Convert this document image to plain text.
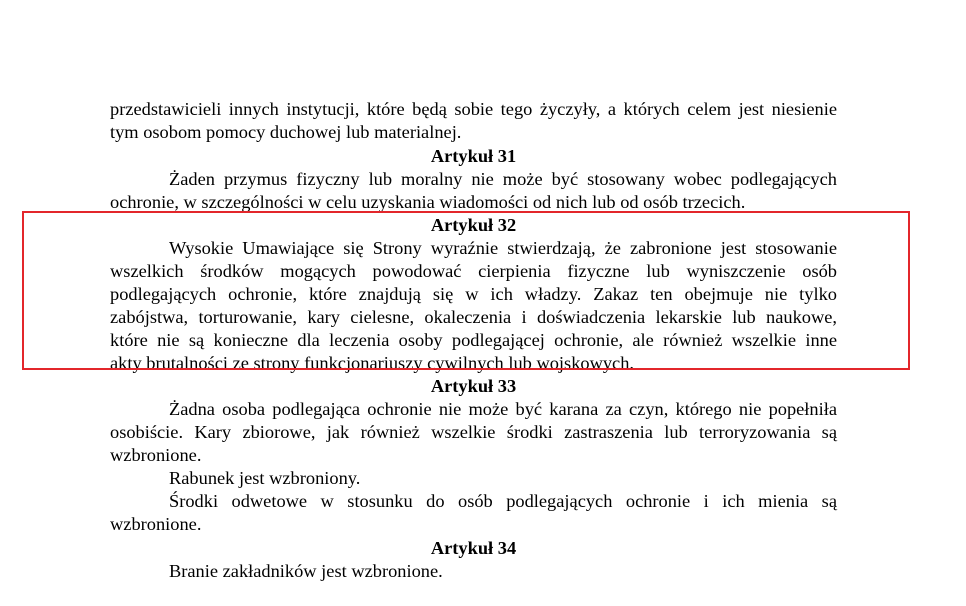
przedstawicieli innych instytucji, które będą sobie tego życzyły, a których celem jest niesienie
tym osobom pomocy duchowej lub materialnej.
Artykuł 31
Żaden przymus fizyczny lub moralny nie może być stosowany wobec podlegających
ochronie, w szczególności w celu uzyskania wiadomości od nich lub od osób trzecich.
Artykuł 32
Wysokie Umawiające się Strony wyraźnie stwierdzają, że zabronione jest stosowanie
wszelkich środków mogących powodować cierpienia fizyczne lub wyniszczenie osób
podlegających ochronie, które znajdują się w ich władzy. Zakaz ten obejmuje nie tylko
zabójstwa, torturowanie, kary cielesne, okaleczenia i doświadczenia lekarskie lub naukowe,
które nie są konieczne dla leczenia osoby podlegającej ochronie, ale również wszelkie inne
akty brutalności ze strony funkcjonariuszy cywilnych lub wojskowych.
Artykuł 33
Żadna osoba podlegająca ochronie nie może być karana za czyn, którego nie popełniła
osobiście. Kary zbiorowe, jak również wszelkie środki zastraszenia lub terroryzowania są
wzbronione.
Rabunek jest wzbroniony.
Środki odwetowe w stosunku do osób podlegających ochronie i ich mienia są
wzbronione.
Artykuł 34
Branie zakładników jest wzbronione.
